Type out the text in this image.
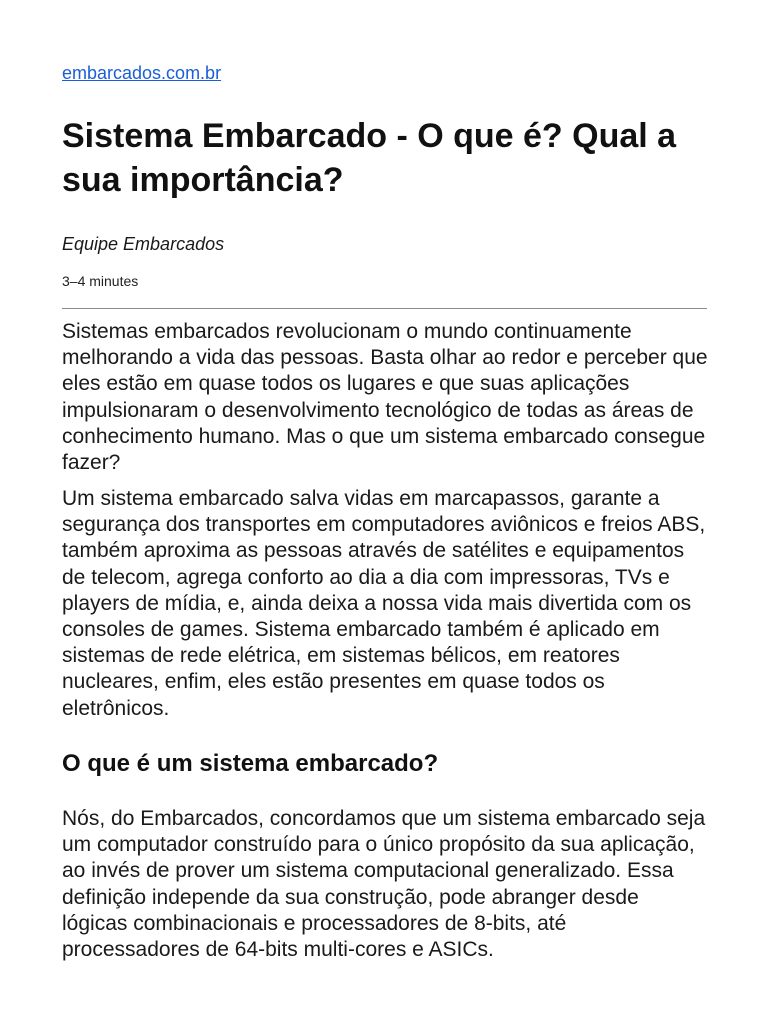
embarcados.com.br
Sistema Embarcado - O que é? Qual a sua importância?
Equipe Embarcados
3–4 minutes

Sistemas embarcados revolucionam o mundo continuamente melhorando a vida das pessoas. Basta olhar ao redor e perceber que eles estão em quase todos os lugares e que suas aplicações impulsionaram o desenvolvimento tecnológico de todas as áreas de conhecimento humano. Mas o que um sistema embarcado consegue fazer?

Um sistema embarcado salva vidas em marcapassos, garante a segurança dos transportes em computadores aviônicos e freios ABS, também aproxima as pessoas através de satélites e equipamentos de telecom, agrega conforto ao dia a dia com impressoras, TVs e players de mídia, e, ainda deixa a nossa vida mais divertida com os consoles de games. Sistema embarcado também é aplicado em sistemas de rede elétrica, em sistemas bélicos, em reatores nucleares, enfim, eles estão presentes em quase todos os eletrônicos.

O que é um sistema embarcado?

Nós, do Embarcados, concordamos que um sistema embarcado seja um computador construído para o único propósito da sua aplicação, ao invés de prover um sistema computacional generalizado. Essa definição independe da sua construção, pode abranger desde lógicas combinacionais e processadores de 8-bits, até processadores de 64-bits multi-cores e ASICs.
